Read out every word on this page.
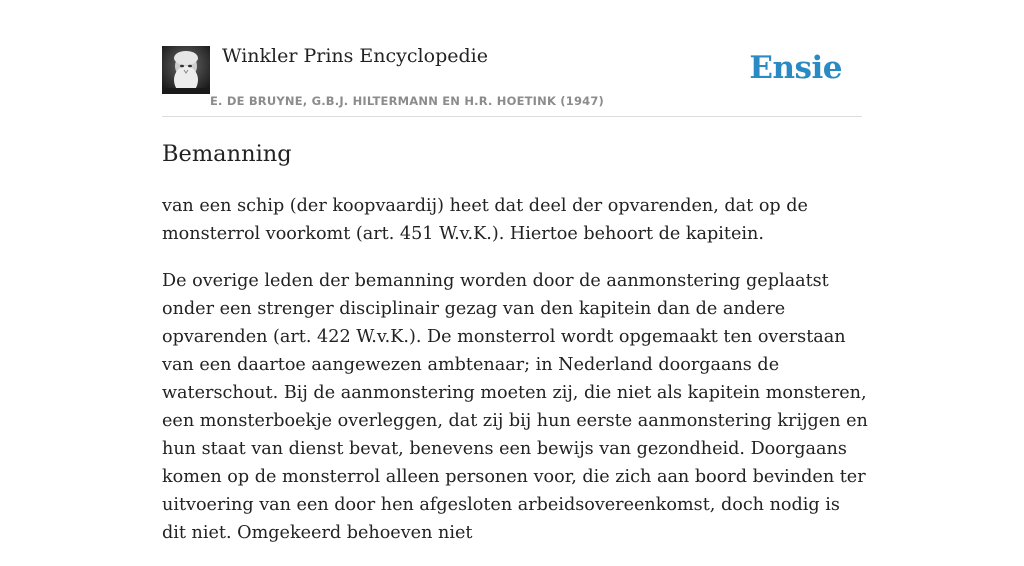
Winkler Prins Encyclopedie
E. DE BRUYNE, G.B.J. HILTERMANN EN H.R. HOETINK (1947)
Ensie
Bemanning

van een schip (der koopvaardij) heet dat deel der opvarenden, dat op de monsterrol voorkomt (art. 451 W.v.K.). Hiertoe behoort de kapitein.

De overige leden der bemanning worden door de aanmonstering geplaatst onder een strenger disciplinair gezag van den kapitein dan de andere opvarenden (art. 422 W.v.K.). De monsterrol wordt opgemaakt ten overstaan van een daartoe aangewezen ambtenaar; in Nederland doorgaans de waterschout. Bij de aanmonstering moeten zij, die niet als kapitein monsteren, een monsterboekje overleggen, dat zij bij hun eerste aanmonstering krijgen en hun staat van dienst bevat, benevens een bewijs van gezondheid. Doorgaans komen op de monsterrol alleen personen voor, die zich aan boord bevinden ter uitvoering van een door hen afgesloten arbeidsovereenkomst, doch nodig is dit niet. Omgekeerd behoeven niet
